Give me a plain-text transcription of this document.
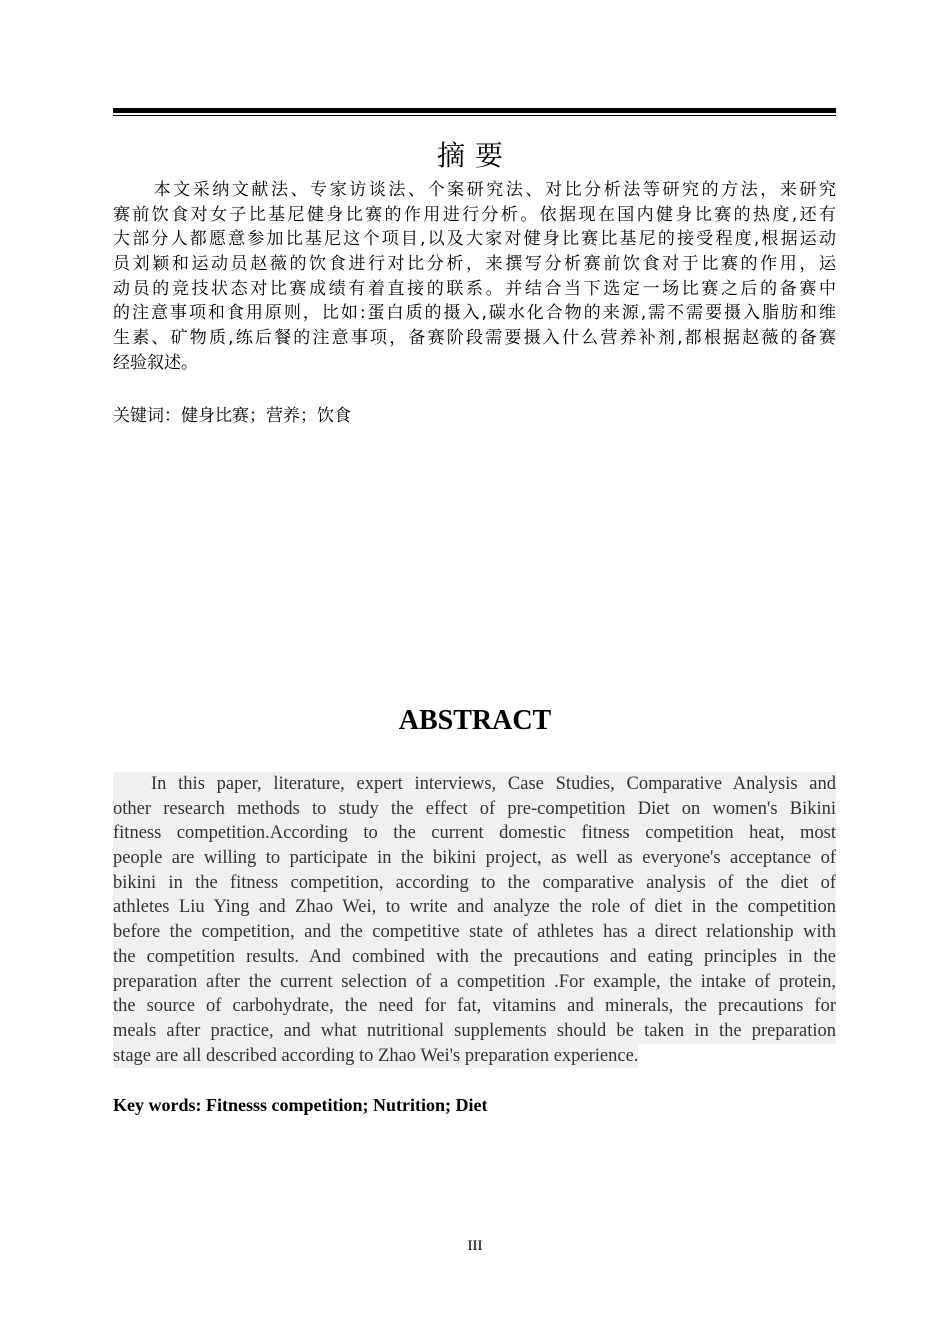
摘要
本文采纳文献法、专家访谈法、个案研究法、对比分析法等研究的方法，来研究
赛前饮食对女子比基尼健身比赛的作用进行分析。依据现在国内健身比赛的热度,还有
大部分人都愿意参加比基尼这个项目,以及大家对健身比赛比基尼的接受程度,根据运动
员刘颖和运动员赵薇的饮食进行对比分析，来撰写分析赛前饮食对于比赛的作用，运
动员的竞技状态对比赛成绩有着直接的联系。并结合当下选定一场比赛之后的备赛中
的注意事项和食用原则，比如:蛋白质的摄入,碳水化合物的来源,需不需要摄入脂肪和维
生素、矿物质,练后餐的注意事项，备赛阶段需要摄入什么营养补剂,都根据赵薇的备赛
经验叙述。
关键词：健身比赛；营养；饮食
ABSTRACT
In this paper, literature, expert interviews, Case Studies, Comparative Analysis and
other research methods to study the effect of pre-competition Diet on women's Bikini
fitness competition.According to the current domestic fitness competition heat, most
people are willing to participate in the bikini project, as well as everyone's acceptance of
bikini in the fitness competition, according to the comparative analysis of the diet of
athletes Liu Ying and Zhao Wei, to write and analyze the role of diet in the competition
before the competition, and the competitive state of athletes has a direct relationship with
the competition results. And combined with the precautions and eating principles in the
preparation after the current selection of a competition .For example, the intake of protein,
the source of carbohydrate, the need for fat, vitamins and minerals, the precautions for
meals after practice, and what nutritional supplements should be taken in the preparation
stage are all described according to Zhao Wei's preparation experience.
Key words: Fitnesss competition; Nutrition; Diet
III
